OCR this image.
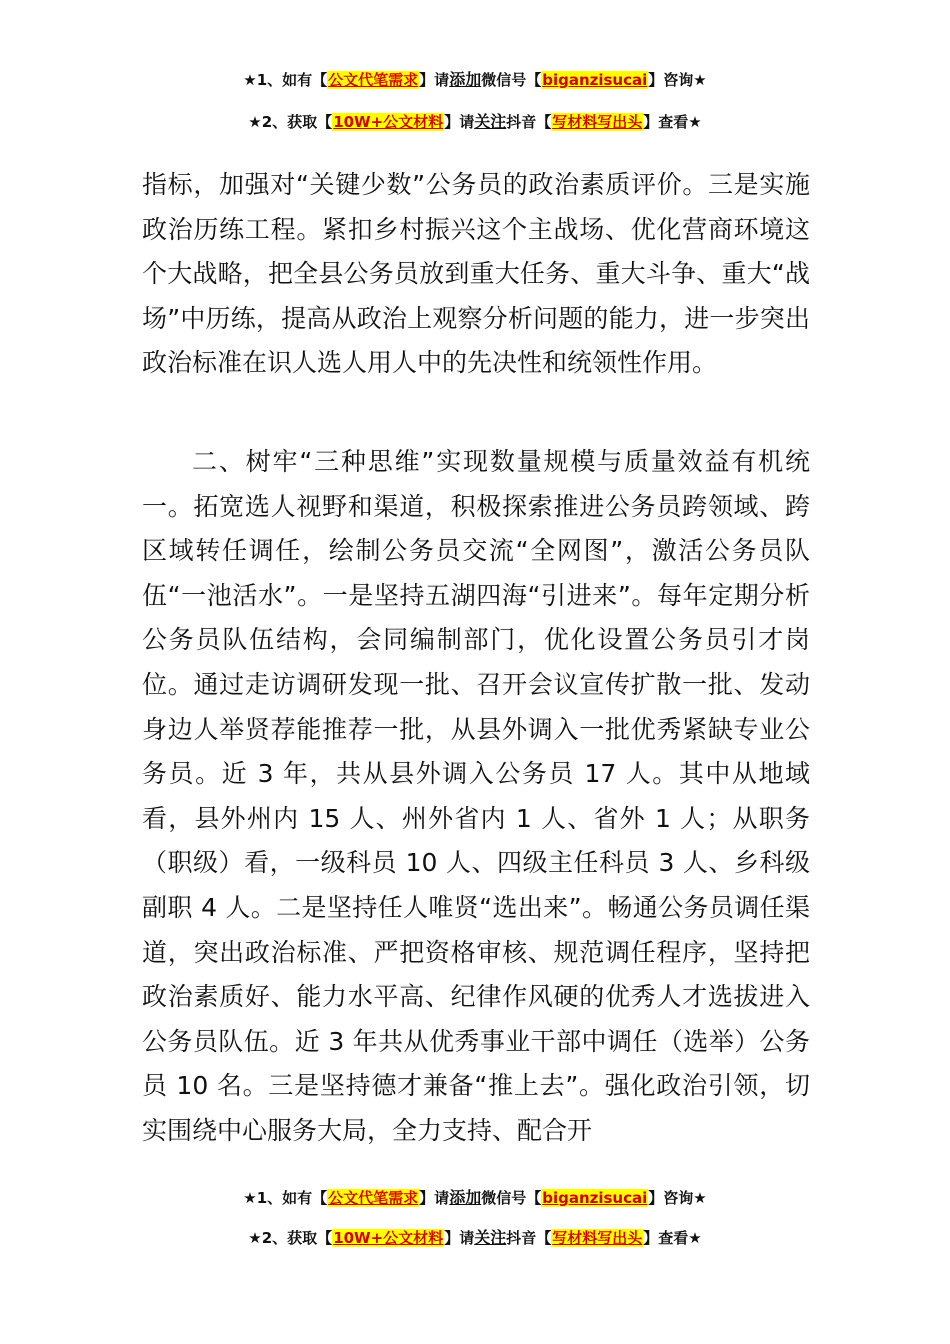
★1、如有【公文代笔需求】请添加微信号【biganzisucai】咨询★
★2、获取【10W+公文材料】请关注抖音【写材料写出头】查看★
指标，加强对“关键少数”公务员的政治素质评价。三是实施政治历练工程。紧扣乡村振兴这个主战场、优化营商环境这个大战略，把全县公务员放到重大任务、重大斗争、重大“战场”中历练，提高从政治上观察分析问题的能力，进一步突出政治标准在识人选人用人中的先决性和统领性作用。
二、树牢“三种思维”实现数量规模与质量效益有机统一。拓宽选人视野和渠道，积极探索推进公务员跨领域、跨区域转任调任，绘制公务员交流“全网图”，激活公务员队伍“一池活水”。一是坚持五湖四海“引进来”。每年定期分析公务员队伍结构，会同编制部门，优化设置公务员引才岗位。通过走访调研发现一批、召开会议宣传扩散一批、发动身边人举贤荐能推荐一批，从县外调入一批优秀紧缺专业公务员。近 3 年，共从县外调入公务员 17 人。其中从地域看，县外州内 15 人、州外省内 1 人、省外 1 人；从职务（职级）看，一级科员 10 人、四级主任科员 3 人、乡科级副职 4 人。二是坚持任人唯贤“选出来”。畅通公务员调任渠道，突出政治标准、严把资格审核、规范调任程序，坚持把政治素质好、能力水平高、纪律作风硬的优秀人才选拔进入公务员队伍。近 3 年共从优秀事业干部中调任（选举）公务员 10 名。三是坚持德才兼备“推上去”。强化政治引领，切实围绕中心服务大局，全力支持、配合开
★1、如有【公文代笔需求】请添加微信号【biganzisucai】咨询★
★2、获取【10W+公文材料】请关注抖音【写材料写出头】查看★
